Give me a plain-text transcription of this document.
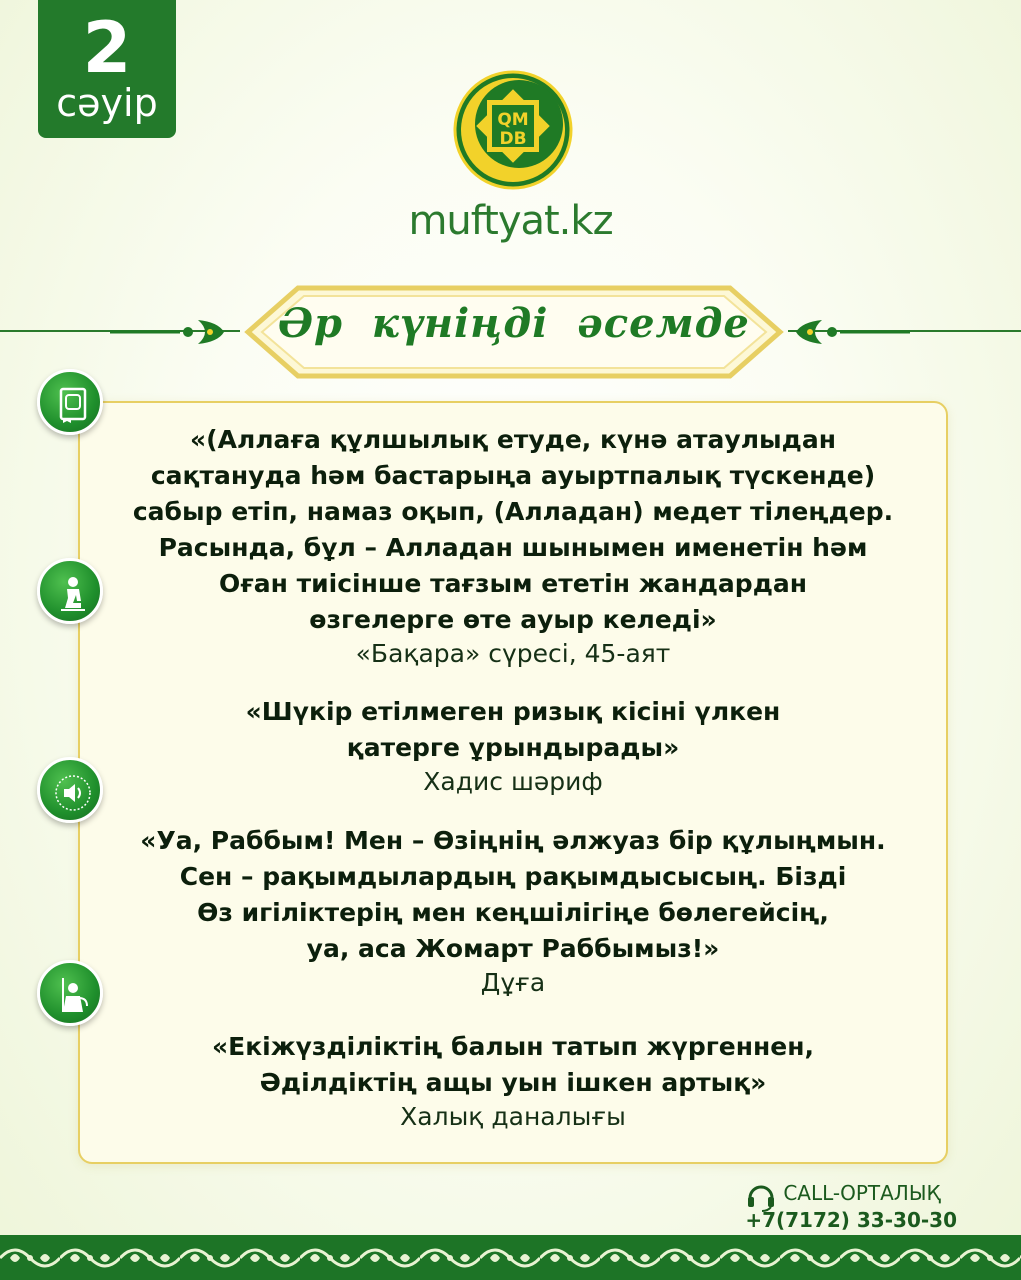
2
сәуір	QM
DB
muftyat.kz
Әр күніңді әсемде
«(Аллаға құлшылық етуде, күнә атаулыдан
сақтануда һәм бастарыңа ауыртпалық түскенде)
сабыр етіп, намаз оқып, (Алладан) медет тілеңдер.
Расында, бұл – Алладан шынымен именетін һәм
Оған тиісінше тағзым ететін жандардан
өзгелерге өте ауыр келеді»
«Бақара» сүресі, 45-аят
«Шүкір етілмеген ризық кісіні үлкен
қатерге ұрындырады»
Хадис шәриф
«Уа, Раббым! Мен – Өзіңнің әлжуаз бір құлыңмын.
Сен – рақымдылардың рақымдысысың. Бізді
Өз игіліктерің мен кеңшілігіңе бөлегейсің,
уа, аса Жомарт Раббымыз!»
Дұға
«Екіжүзділіктің балын татып жүргеннен,
Әділдіктің ащы уын ішкен артық»
Халық даналығы
CALL-ОРТАЛЫҚ
+7(7172) 33-30-30
